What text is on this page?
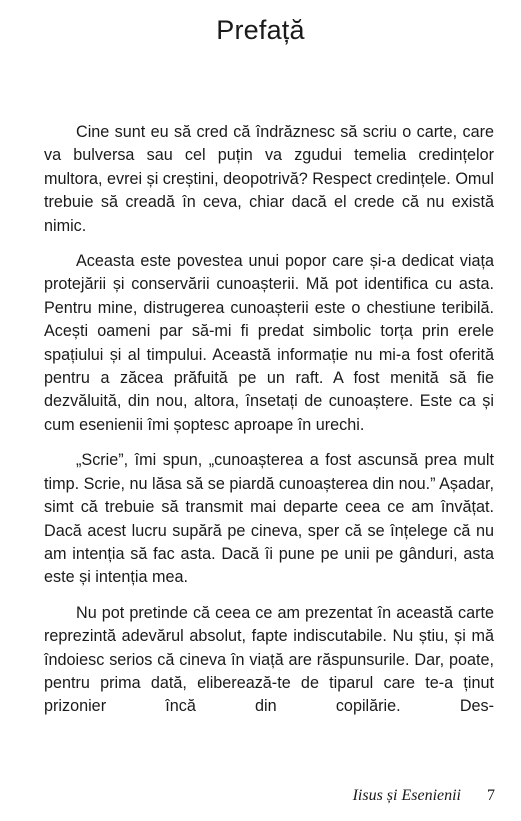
Prefață

Cine sunt eu să cred că îndrăznesc să scriu o carte, care va bulversa sau cel puțin va zgudui temelia credințelor multora, evrei și creștini, deopotrivă? Respect credințele. Omul trebuie să creadă în ceva, chiar dacă el crede că nu există nimic.

Aceasta este povestea unui popor care și-a dedicat viața protejării și conservării cunoașterii. Mă pot identifica cu asta. Pentru mine, distrugerea cunoașterii este o chestiune teribilă. Acești oameni par să-mi fi predat simbolic torța prin erele spațiului și al timpului. Această informație nu mi-a fost oferită pentru a zăcea prăfuită pe un raft. A fost menită să fie dezvăluită, din nou, altora, însetați de cunoaștere. Este ca și cum esenienii îmi șoptesc aproape în urechi.

„Scrie”, îmi spun, „cunoașterea a fost ascunsă prea mult timp. Scrie, nu lăsa să se piardă cunoașterea din nou.” Așadar, simt că trebuie să transmit mai departe ceea ce am învățat. Dacă acest lucru supără pe cineva, sper că se înțelege că nu am intenția să fac asta. Dacă îi pune pe unii pe gânduri, asta este și intenția mea.

Nu pot pretinde că ceea ce am prezentat în această carte reprezintă adevărul absolut, fapte indiscutabile. Nu știu, și mă îndoiesc serios că cineva în viață are răspunsurile. Dar, poate, pentru prima dată, eliberează-te de tiparul care te-a ținut prizonier încă din copilărie. Des-

Iisus și Esenienii 7
